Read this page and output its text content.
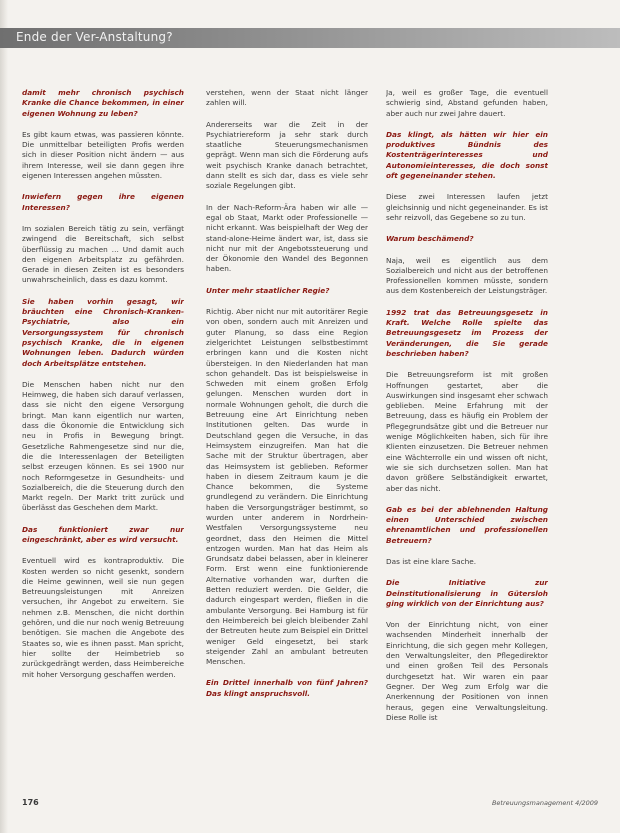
Ende der Ver-Anstaltung?

damit mehr chronisch psychisch Kranke die Chance bekommen, in einer eigenen Wohnung zu leben?

Es gibt kaum etwas, was passieren könnte. Die unmittelbar beteiligten Profis werden sich in dieser Position nicht ändern — aus ihrem Interesse, weil sie dann gegen ihre eigenen Interessen angehen müssten.

Inwiefern gegen ihre eigenen Interessen?

Im sozialen Bereich tätig zu sein, verfängt zwingend die Bereitschaft, sich selbst überflüssig zu machen … Und damit auch den eigenen Arbeitsplatz zu gefährden. Gerade in diesen Zeiten ist es besonders unwahrscheinlich, dass es dazu kommt.

Sie haben vorhin gesagt, wir bräuchten eine Chronisch-Kranken-Psychiatrie, also ein Versorgungssystem für chronisch psychisch Kranke, die in eigenen Wohnungen leben. Dadurch würden doch Arbeitsplätze entstehen.

Die Menschen haben nicht nur den Heimweg, die haben sich darauf verlassen, dass sie nicht den eigene Versorgung bringt. Man kann eigentlich nur warten, dass die Ökonomie die Entwicklung sich neu in Profis in Bewegung bringt. Gesetzliche Rahmengesetze sind nur die, die die Interessenlagen der Beteiligten selbst erzeugen können. Es sei 1900 nur noch Reformgesetze in Gesundheits- und Sozialbereich, die die Steuerung durch den Markt regeln. Der Markt tritt zurück und überlässt das Geschehen dem Markt.

Das funktioniert zwar nur eingeschränkt, aber es wird versucht.

Eventuell wird es kontraproduktiv. Die Kosten werden so nicht gesenkt, sondern die Heime gewinnen, weil sie nun gegen Betreuungsleistungen mit Anreizen versuchen, ihr Angebot zu erweitern. Sie nehmen z.B. Menschen, die nicht dorthin gehören, und die nur noch wenig Betreuung benötigen. Sie machen die Angebote des Staates so, wie es ihnen passt. Man spricht, hier sollte der Heimbetrieb so zurückgedrängt werden, dass Heimbereiche mit hoher Versorgung geschaffen werden.

verstehen, wenn der Staat nicht länger zahlen will.

Andererseits war die Zeit in der Psychiatriereform ja sehr stark durch staatliche Steuerungsmechanismen geprägt. Wenn man sich die Förderung aufs weit psychisch Kranke danach betrachtet, dann stellt es sich dar, dass es viele sehr soziale Regelungen gibt.

In der Nach-Reform-Ära haben wir alle — egal ob Staat, Markt oder Professionelle — nicht erkannt. Was beispielhaft der Weg der stand-alone-Heime ändert war, ist, dass sie nicht nur mit der Angebotssteuerung und der Ökonomie den Wandel des Begonnen haben.

Unter mehr staatlicher Regie?

Richtig. Aber nicht nur mit autoritärer Regie von oben, sondern auch mit Anreizen und guter Planung, so dass eine Region zielgerichtet Leistungen selbstbestimmt erbringen kann und die Kosten nicht übersteigen. In den Niederlanden hat man schon gehandelt. Das ist beispielsweise in Schweden mit einem großen Erfolg gelungen. Menschen wurden dort in normale Wohnungen geholt, die durch die Betreuung eine Art Einrichtung neben Institutionen gelten. Das wurde in Deutschland gegen die Versuche, in das Heimsystem einzugreifen. Man hat die Sache mit der Struktur übertragen, aber das Heimsystem ist geblieben. Reformer haben in diesem Zeitraum kaum je die Chance bekommen, die Systeme grundlegend zu verändern. Die Einrichtung haben die Versorgungsträger bestimmt, so wurden unter anderem in Nordrhein-Westfalen Versorgungssysteme neu geordnet, dass den Heimen die Mittel entzogen wurden. Man hat das Heim als Grundsatz dabei belassen, aber in kleinerer Form. Erst wenn eine funktionierende Alternative vorhanden war, durften die Betten reduziert werden. Die Gelder, die dadurch eingespart werden, fließen in die ambulante Versorgung. Bei Hamburg ist für den Heimbereich bei gleich bleibender Zahl der Betreuten heute zum Beispiel ein Drittel weniger Geld eingesetzt, bei stark steigender Zahl an ambulant betreuten Menschen.

Ein Drittel innerhalb von fünf Jahren? Das klingt anspruchsvoll.

Ja, weil es großer Tage, die eventuell schwierig sind, Abstand gefunden haben, aber auch nur zwei Jahre dauert.

Das klingt, als hätten wir hier ein produktives Bündnis des Kostenträgerinteresses und Autonomieinteresses, die doch sonst oft gegeneinander stehen.

Diese zwei Interessen laufen jetzt gleichsinnig und nicht gegeneinander. Es ist sehr reizvoll, das Gegebene so zu tun.

Warum beschämend?

Naja, weil es eigentlich aus dem Sozialbereich und nicht aus der betroffenen Professionellen kommen müsste, sondern aus dem Kostenbereich der Leistungsträger.

1992 trat das Betreuungsgesetz in Kraft. Welche Rolle spielte das Betreuungsgesetz im Prozess der Veränderungen, die Sie gerade beschrieben haben?

Die Betreuungsreform ist mit großen Hoffnungen gestartet, aber die Auswirkungen sind insgesamt eher schwach geblieben. Meine Erfahrung mit der Betreuung, dass es häufig ein Problem der Pflegegrundsätze gibt und die Betreuer nur wenige Möglichkeiten haben, sich für ihre Klienten einzusetzen. Die Betreuer nehmen eine Wächterrolle ein und wissen oft nicht, wie sie sich durchsetzen sollen. Man hat davon größere Selbständigkeit erwartet, aber das nicht.

Gab es bei der ablehnenden Haltung einen Unterschied zwischen ehrenamtlichen und professionellen Betreuern?

Das ist eine klare Sache.

Die Initiative zur Deinstitutionalisierung in Gütersloh ging wirklich von der Einrichtung aus?

Von der Einrichtung nicht, von einer wachsenden Minderheit innerhalb der Einrichtung, die sich gegen mehr Kollegen, den Verwaltungsleiter, den Pflegedirektor und einen großen Teil des Personals durchgesetzt hat. Wir waren ein paar Gegner. Der Weg zum Erfolg war die Anerkennung der Positionen von innen heraus, gegen eine Verwaltungsleitung. Diese Rolle ist

176	Betreuungsmanagement 4/2009
